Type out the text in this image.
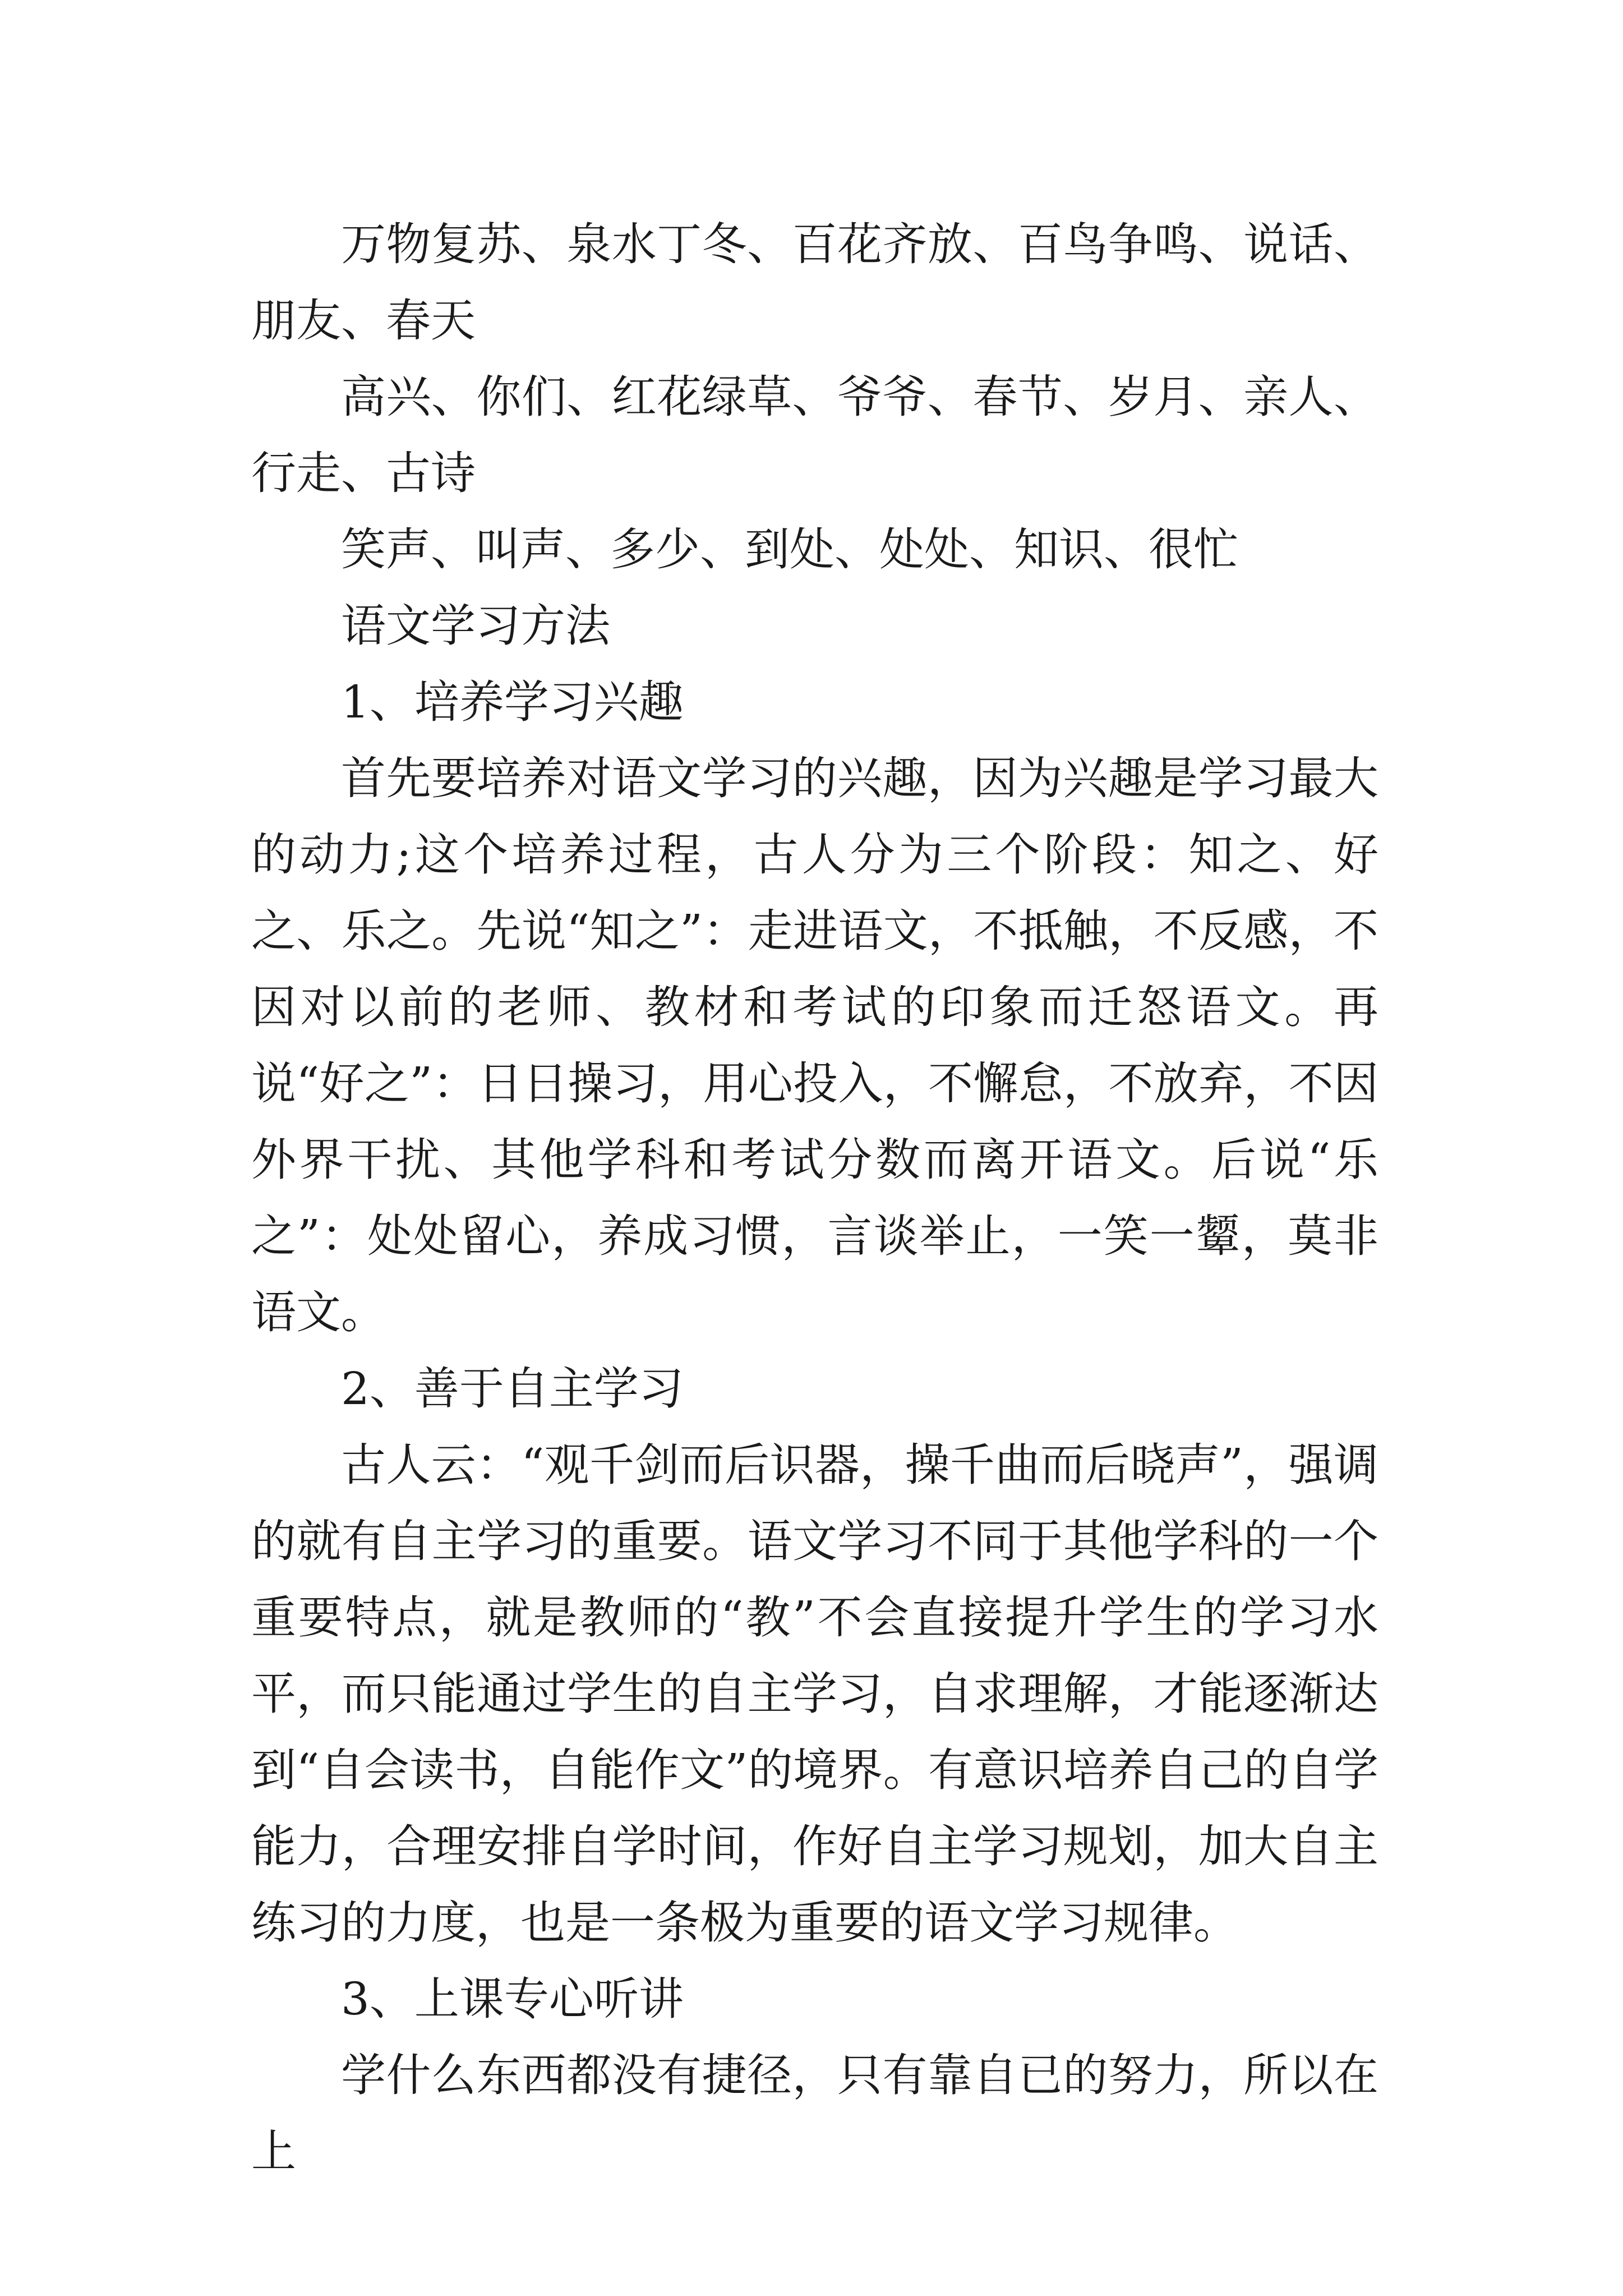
万物复苏、泉水丁冬、百花齐放、百鸟争鸣、说话、朋友、春天

高兴、你们、红花绿草、爷爷、春节、岁月、亲人、行走、古诗

笑声、叫声、多少、到处、处处、知识、很忙

语文学习方法

1、培养学习兴趣

首先要培养对语文学习的兴趣，因为兴趣是学习最大的动力;这个培养过程，古人分为三个阶段：知之、好之、乐之。先说“知之”：走进语文，不抵触，不反感，不因对以前的老师、教材和考试的印象而迁怒语文。再说“好之”：日日操习，用心投入，不懈怠，不放弃，不因外界干扰、其他学科和考试分数而离开语文。后说“乐之”：处处留心，养成习惯，言谈举止，一笑一颦，莫非语文。

2、善于自主学习

古人云：“观千剑而后识器，操千曲而后晓声”，强调的就有自主学习的重要。语文学习不同于其他学科的一个重要特点，就是教师的“教”不会直接提升学生的学习水平，而只能通过学生的自主学习，自求理解，才能逐渐达到“自会读书，自能作文”的境界。有意识培养自己的自学能力，合理安排自学时间，作好自主学习规划，加大自主练习的力度，也是一条极为重要的语文学习规律。

3、上课专心听讲

学什么东西都没有捷径，只有靠自已的努力，所以在上
